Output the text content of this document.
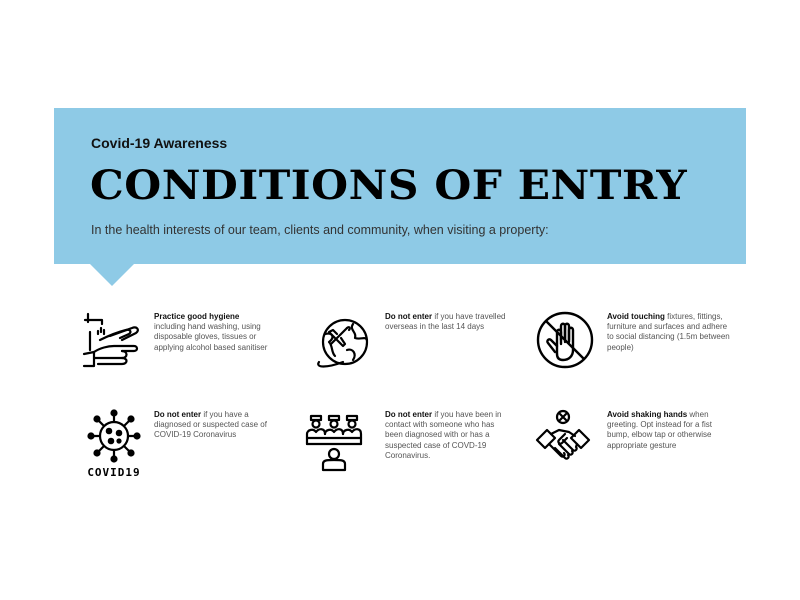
Covid-19 Awareness
CONDITIONS OF ENTRY
In the health interests of our team, clients and community, when visiting a property:
Practice good hygiene
including hand washing, using disposable gloves, tissues or applying alcohol based sanitiser
Do not enter if you have travelled overseas in the last 14 days
Avoid touching fixtures, fittings, furniture and surfaces and adhere to social distancing (1.5m between people)
COVID19
Do not enter if you have a diagnosed or suspected case of COVID-19 Coronavirus
Do not enter if you have been in contact with someone who has been diagnosed with or has a suspected case of COVD-19 Coronavirus.
Avoid shaking hands when greeting. Opt instead for a fist bump, elbow tap or otherwise appropriate gesture
